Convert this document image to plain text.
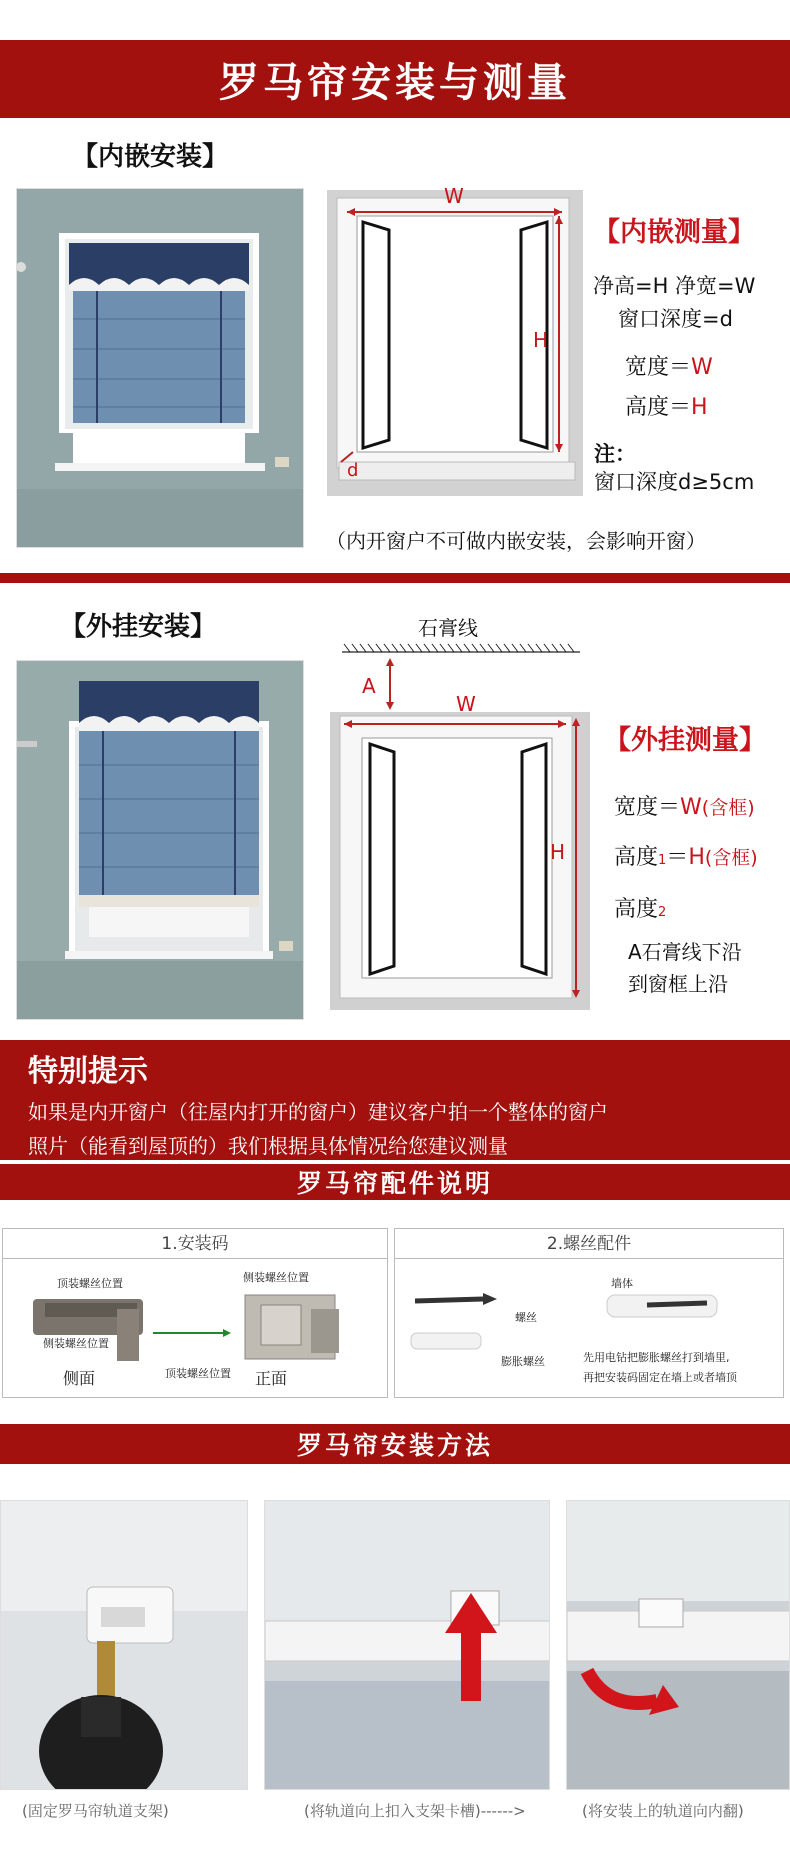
罗马帘安装与测量
【内嵌安装】
W
H
d
【内嵌测量】
净高=H 净宽=W
窗口深度=d
宽度＝W
高度＝H
注：
窗口深度d≥5cm
（内开窗户不可做内嵌安装，会影响开窗）
【外挂安装】	石膏线
A
W
H
【外挂测量】
宽度＝W(含框)
高度1＝H(含框)
高度2
A石膏线下沿
到窗框上沿
特别提示
如果是内开窗户（往屋内打开的窗户）建议客户拍一个整体的窗户
照片（能看到屋顶的）我们根据具体情况给您建议测量
罗马帘配件说明
1.安装码
顶装螺丝位置
侧装螺丝位置
侧装螺丝位置
顶装螺丝位置
侧面	正面
2.螺丝配件
螺丝
膨胀螺丝
墙体
先用电钻把膨胀螺丝打到墙里,
再把安装码固定在墙上或者墙顶
罗马帘安装方法
(固定罗马帘轨道支架)	(将轨道向上扣入支架卡槽)------>	(将安装上的轨道向内翻)
